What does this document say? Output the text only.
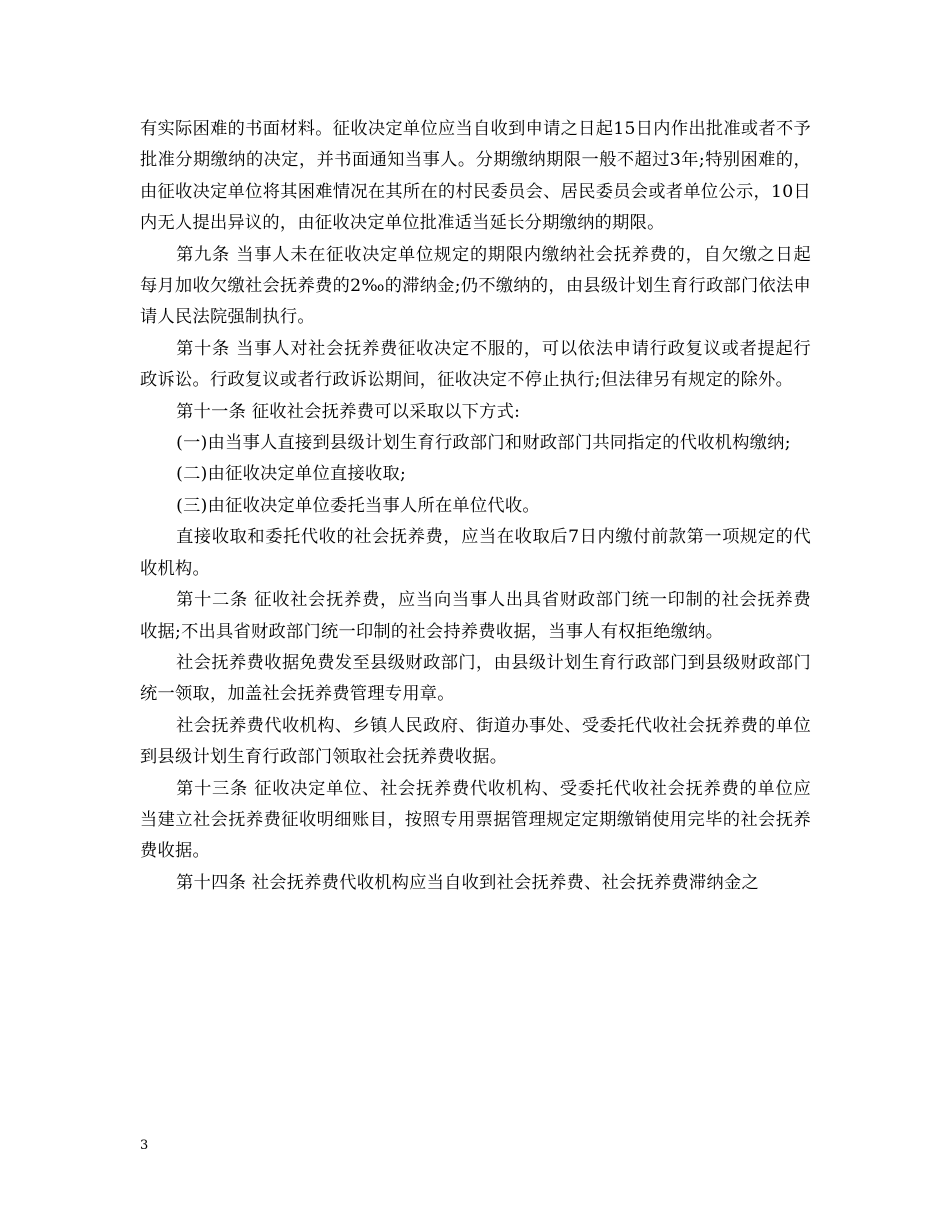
有实际困难的书面材料。征收决定单位应当自收到申请之日起15日内作出批准或者不予批准分期缴纳的决定，并书面通知当事人。分期缴纳期限一般不超过3年;特别困难的，由征收决定单位将其困难情况在其所在的村民委员会、居民委员会或者单位公示，10日内无人提出异议的，由征收决定单位批准适当延长分期缴纳的期限。

第九条 当事人未在征收决定单位规定的期限内缴纳社会抚养费的，自欠缴之日起每月加收欠缴社会抚养费的2‰的滞纳金;仍不缴纳的，由县级计划生育行政部门依法申请人民法院强制执行。

第十条 当事人对社会抚养费征收决定不服的，可以依法申请行政复议或者提起行政诉讼。行政复议或者行政诉讼期间，征收决定不停止执行;但法律另有规定的除外。

第十一条 征收社会抚养费可以采取以下方式:

(一)由当事人直接到县级计划生育行政部门和财政部门共同指定的代收机构缴纳;

(二)由征收决定单位直接收取;

(三)由征收决定单位委托当事人所在单位代收。

直接收取和委托代收的社会抚养费，应当在收取后7日内缴付前款第一项规定的代收机构。

第十二条 征收社会抚养费，应当向当事人出具省财政部门统一印制的社会抚养费收据;不出具省财政部门统一印制的社会持养费收据，当事人有权拒绝缴纳。

社会抚养费收据免费发至县级财政部门，由县级计划生育行政部门到县级财政部门统一领取，加盖社会抚养费管理专用章。

社会抚养费代收机构、乡镇人民政府、街道办事处、受委托代收社会抚养费的单位到县级计划生育行政部门领取社会抚养费收据。

第十三条 征收决定单位、社会抚养费代收机构、受委托代收社会抚养费的单位应当建立社会抚养费征收明细账目，按照专用票据管理规定定期缴销使用完毕的社会抚养费收据。

第十四条 社会抚养费代收机构应当自收到社会抚养费、社会抚养费滞纳金之

3
